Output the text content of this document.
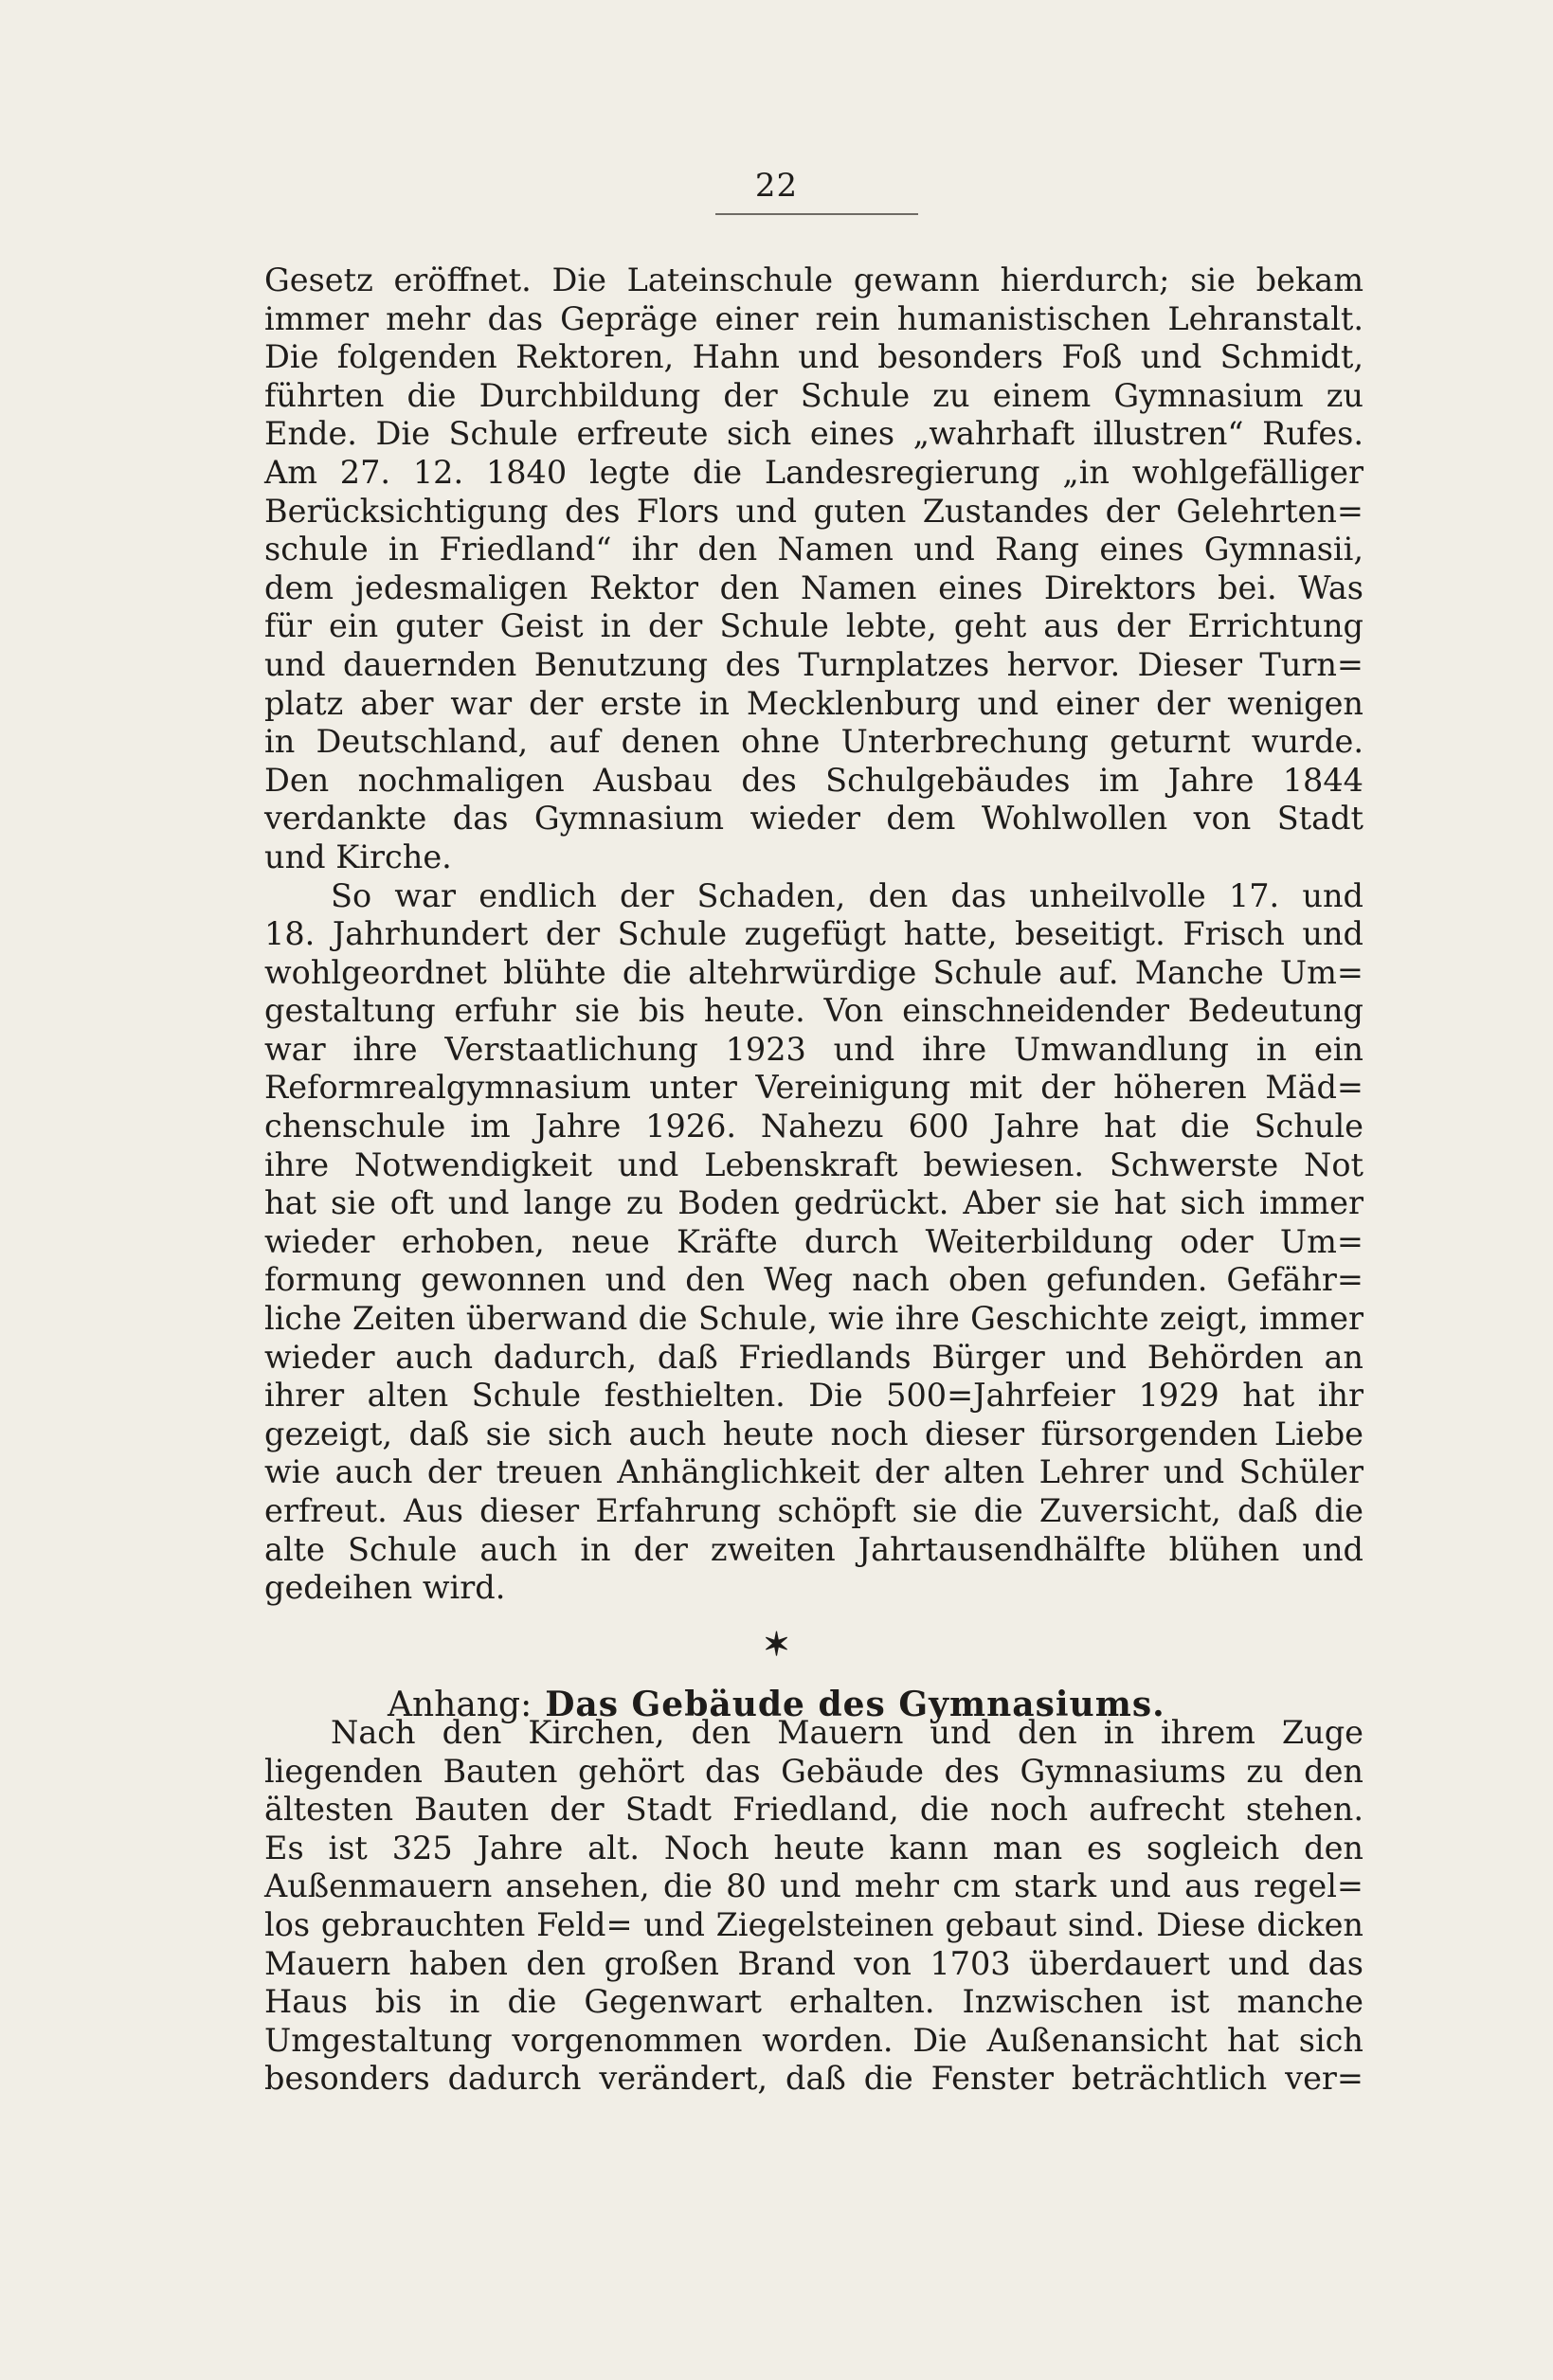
22

Gesetz eröffnet. Die Lateinschule gewann hierdurch; sie bekam

immer mehr das Gepräge einer rein humanistischen Lehranstalt.

Die folgenden Rektoren, Hahn und besonders Foß und Schmidt,

führten die Durchbildung der Schule zu einem Gymnasium zu

Ende. Die Schule erfreute sich eines „wahrhaft illustren“ Rufes.

Am 27. 12. 1840 legte die Landesregierung „in wohlgefälliger

Berücksichtigung des Flors und guten Zustandes der Gelehrten=

schule in Friedland“ ihr den Namen und Rang eines Gymnasii,

dem jedesmaligen Rektor den Namen eines Direktors bei. Was

für ein guter Geist in der Schule lebte, geht aus der Errichtung

und dauernden Benutzung des Turnplatzes hervor. Dieser Turn=

platz aber war der erste in Mecklenburg und einer der wenigen

in Deutschland, auf denen ohne Unterbrechung geturnt wurde.

Den nochmaligen Ausbau des Schulgebäudes im Jahre 1844

verdankte das Gymnasium wieder dem Wohlwollen von Stadt

und Kirche.

So war endlich der Schaden, den das unheilvolle 17. und

18. Jahrhundert der Schule zugefügt hatte, beseitigt. Frisch und

wohlgeordnet blühte die altehrwürdige Schule auf. Manche Um=

gestaltung erfuhr sie bis heute. Von einschneidender Bedeutung

war ihre Verstaatlichung 1923 und ihre Umwandlung in ein

Reformrealgymnasium unter Vereinigung mit der höheren Mäd=

chenschule im Jahre 1926. Nahezu 600 Jahre hat die Schule

ihre Notwendigkeit und Lebenskraft bewiesen. Schwerste Not

hat sie oft und lange zu Boden gedrückt. Aber sie hat sich immer

wieder erhoben, neue Kräfte durch Weiterbildung oder Um=

formung gewonnen und den Weg nach oben gefunden. Gefähr=

liche Zeiten überwand die Schule, wie ihre Geschichte zeigt, immer

wieder auch dadurch, daß Friedlands Bürger und Behörden an

ihrer alten Schule festhielten. Die 500=Jahrfeier 1929 hat ihr

gezeigt, daß sie sich auch heute noch dieser fürsorgenden Liebe

wie auch der treuen Anhänglichkeit der alten Lehrer und Schüler

erfreut. Aus dieser Erfahrung schöpft sie die Zuversicht, daß die

alte Schule auch in der zweiten Jahrtausendhälfte blühen und

gedeihen wird.

✶
Anhang: Das Gebäude des Gymnasiums.

Nach den Kirchen, den Mauern und den in ihrem Zuge

liegenden Bauten gehört das Gebäude des Gymnasiums zu den

ältesten Bauten der Stadt Friedland, die noch aufrecht stehen.

Es ist 325 Jahre alt. Noch heute kann man es sogleich den

Außenmauern ansehen, die 80 und mehr cm stark und aus regel=

los gebrauchten Feld= und Ziegelsteinen gebaut sind. Diese dicken

Mauern haben den großen Brand von 1703 überdauert und das

Haus bis in die Gegenwart erhalten. Inzwischen ist manche

Umgestaltung vorgenommen worden. Die Außenansicht hat sich

besonders dadurch verändert, daß die Fenster beträchtlich ver=
